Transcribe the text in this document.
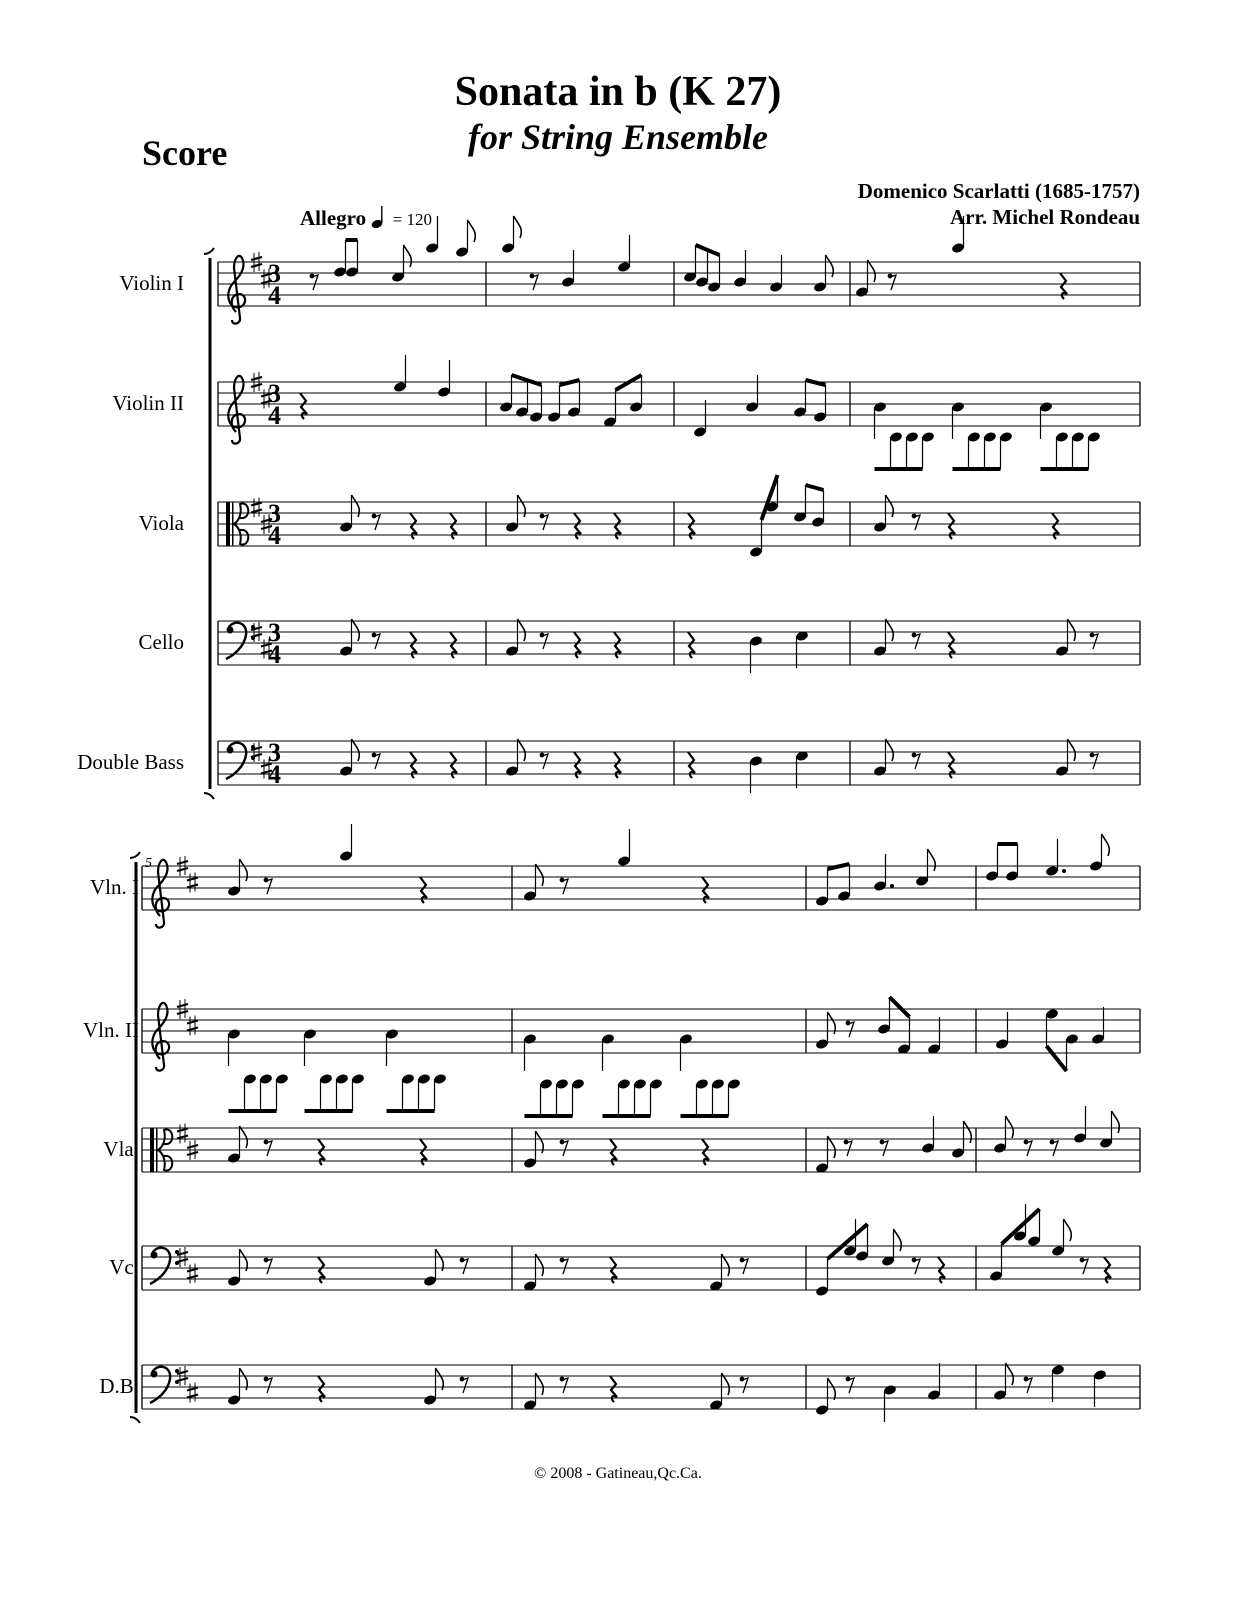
Sonata in b (K 27)
for String Ensemble
Score
Domenico Scarlatti (1685-1757)
Arr. Michel Rondeau
Allegro = 120
Violin I
Violin II
Viola
Cello
Double Bass
5
Vln. I
Vln. II
Vla.
Vc.
D.B.
© 2008 - Gatineau,Qc.Ca.
3
4
3
4
3
4
3
4
3
4
